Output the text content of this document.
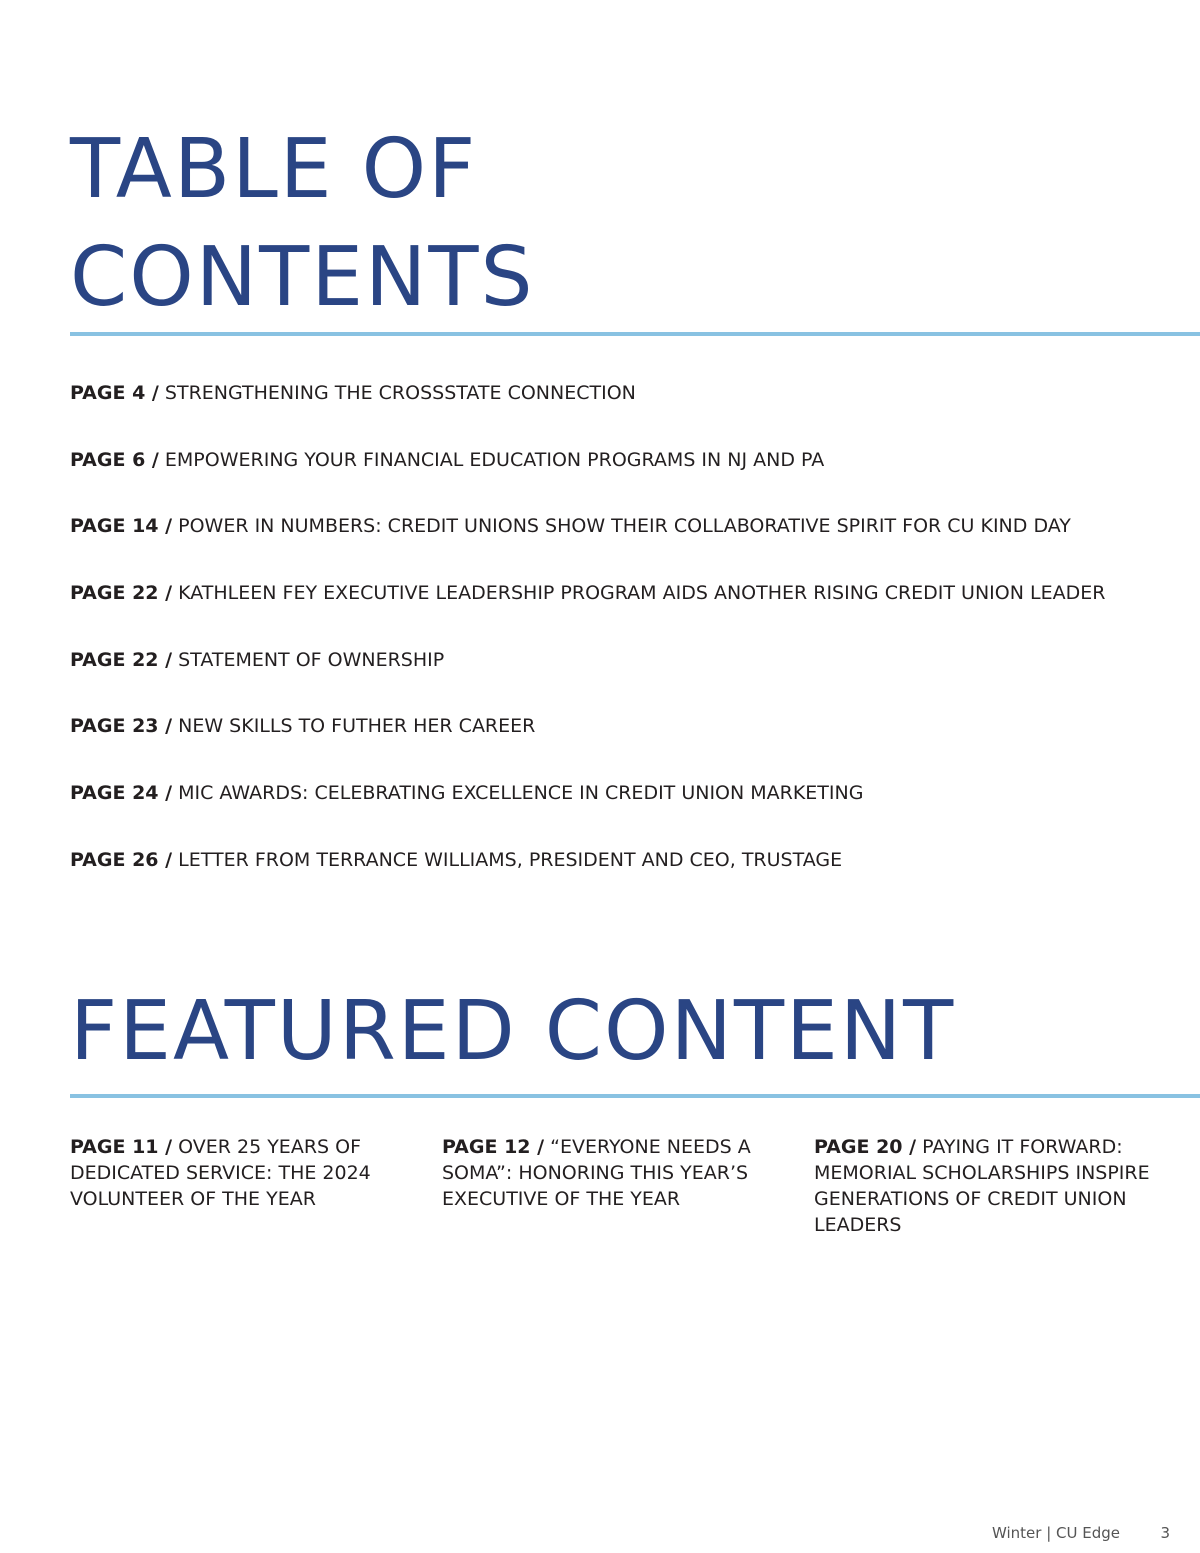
TABLE OF
CONTENTS
PAGE 4 / STRENGTHENING THE CROSSSTATE CONNECTION
PAGE 6 / EMPOWERING YOUR FINANCIAL EDUCATION PROGRAMS IN NJ AND PA
PAGE 14 / POWER IN NUMBERS: CREDIT UNIONS SHOW THEIR COLLABORATIVE SPIRIT FOR CU KIND DAY
PAGE 22 / KATHLEEN FEY EXECUTIVE LEADERSHIP PROGRAM AIDS ANOTHER RISING CREDIT UNION LEADER
PAGE 22 / STATEMENT OF OWNERSHIP
PAGE 23 / NEW SKILLS TO FUTHER HER CAREER
PAGE 24 / MIC AWARDS: CELEBRATING EXCELLENCE IN CREDIT UNION MARKETING
PAGE 26 / LETTER FROM TERRANCE WILLIAMS, PRESIDENT AND CEO, TRUSTAGE
FEATURED CONTENT
PAGE 11 / OVER 25 YEARS OF DEDICATED SERVICE: THE 2024 VOLUNTEER OF THE YEAR
PAGE 12 / “EVERYONE NEEDS A SOMA”: HONORING THIS YEAR’S EXECUTIVE OF THE YEAR
PAGE 20 / PAYING IT FORWARD: MEMORIAL SCHOLARSHIPS INSPIRE GENERATIONS OF CREDIT UNION LEADERS
Winter | CU Edge	3
